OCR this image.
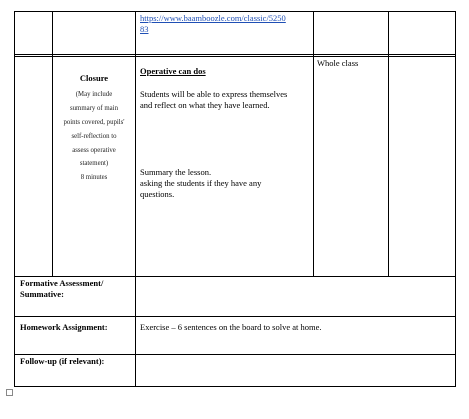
https://www.baamboozle.com/classic/5250
83
Closure
(May include
summary of main
points covered, pupils'
self-reflection to
assess operative
statement)
8 minutes
Operative can dos
Students will be able to express themselves
and reflect on what they have learned.
Summary the lesson.
asking the students if they have any
questions.
Whole class
Formative Assessment/
Summative:
Homework Assignment:	Exercise – 6 sentences on the board to solve at home.
Follow-up (if relevant):
